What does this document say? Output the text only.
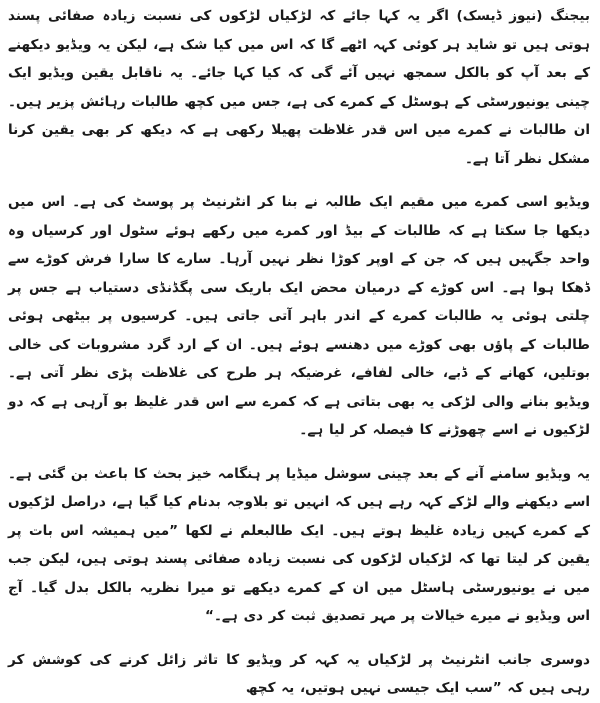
بیجنگ (نیوز ڈیسک) اگر یہ کہا جائے کہ لڑکیاں لڑکوں کی نسبت زیادہ صفائی پسند ہوتی ہیں تو شاید ہر کوئی کہہ اٹھے گا کہ اس میں کیا شک ہے، لیکن یہ ویڈیو دیکھنے کے بعد آپ کو بالکل سمجھ نہیں آئے گی کہ کیا کہا جائے۔ یہ ناقابل یقین ویڈیو ایک چینی یونیورسٹی کے ہوسٹل کے کمرے کی ہے، جس میں کچھ طالبات رہائش پزیر ہیں۔ ان طالبات نے کمرے میں اس قدر غلاظت پھیلا رکھی ہے کہ دیکھ کر بھی یقین کرنا مشکل نظر آتا ہے۔

ویڈیو اسی کمرے میں مقیم ایک طالبہ نے بنا کر انٹرنیٹ پر پوسٹ کی ہے۔ اس میں دیکھا جا سکتا ہے کہ طالبات کے بیڈ اور کمرے میں رکھے ہوئے سٹول اور کرسیاں وہ واحد جگہیں ہیں کہ جن کے اوپر کوڑا نظر نہیں آرہا۔ سارے کا سارا فرش کوڑے سے ڈھکا ہوا ہے۔ اس کوڑے کے درمیان محض ایک باریک سی پگڈنڈی دستیاب ہے جس پر چلتی ہوئی یہ طالبات کمرے کے اندر باہر آتی جاتی ہیں۔ کرسیوں پر بیٹھی ہوئی طالبات کے پاؤں بھی کوڑے میں دھنسے ہوئے ہیں۔ ان کے ارد گرد مشروبات کی خالی بوتلیں، کھانے کے ڈبے، خالی لفافے، غرضیکہ ہر طرح کی غلاظت پڑی نظر آتی ہے۔ ویڈیو بنانے والی لڑکی یہ بھی بتاتی ہے کہ کمرے سے اس قدر غلیظ بو آرہی ہے کہ دو لڑکیوں نے اسے چھوڑنے کا فیصلہ کر لیا ہے۔

یہ ویڈیو سامنے آنے کے بعد چینی سوشل میڈیا پر ہنگامہ خیز بحث کا باعث بن گئی ہے۔ اسے دیکھنے والے لڑکے کہہ رہے ہیں کہ انہیں تو بلاوجہ بدنام کیا گیا ہے، دراصل لڑکیوں کے کمرے کہیں زیادہ غلیظ ہوتے ہیں۔ ایک طالبعلم نے لکھا ”میں ہمیشہ اس بات پر یقین کر لیتا تھا کہ لڑکیاں لڑکوں کی نسبت زیادہ صفائی پسند ہوتی ہیں، لیکن جب میں نے یونیورسٹی ہاسٹل میں ان کے کمرے دیکھے تو میرا نظریہ بالکل بدل گیا۔ آج اس ویڈیو نے میرے خیالات پر مہر تصدیق ثبت کر دی ہے۔“

دوسری جانب انٹرنیٹ پر لڑکیاں یہ کہہ کر ویڈیو کا تاثر زائل کرنے کی کوشش کر رہی ہیں کہ ”سب ایک جیسی نہیں ہوتیں، یہ کچھ
